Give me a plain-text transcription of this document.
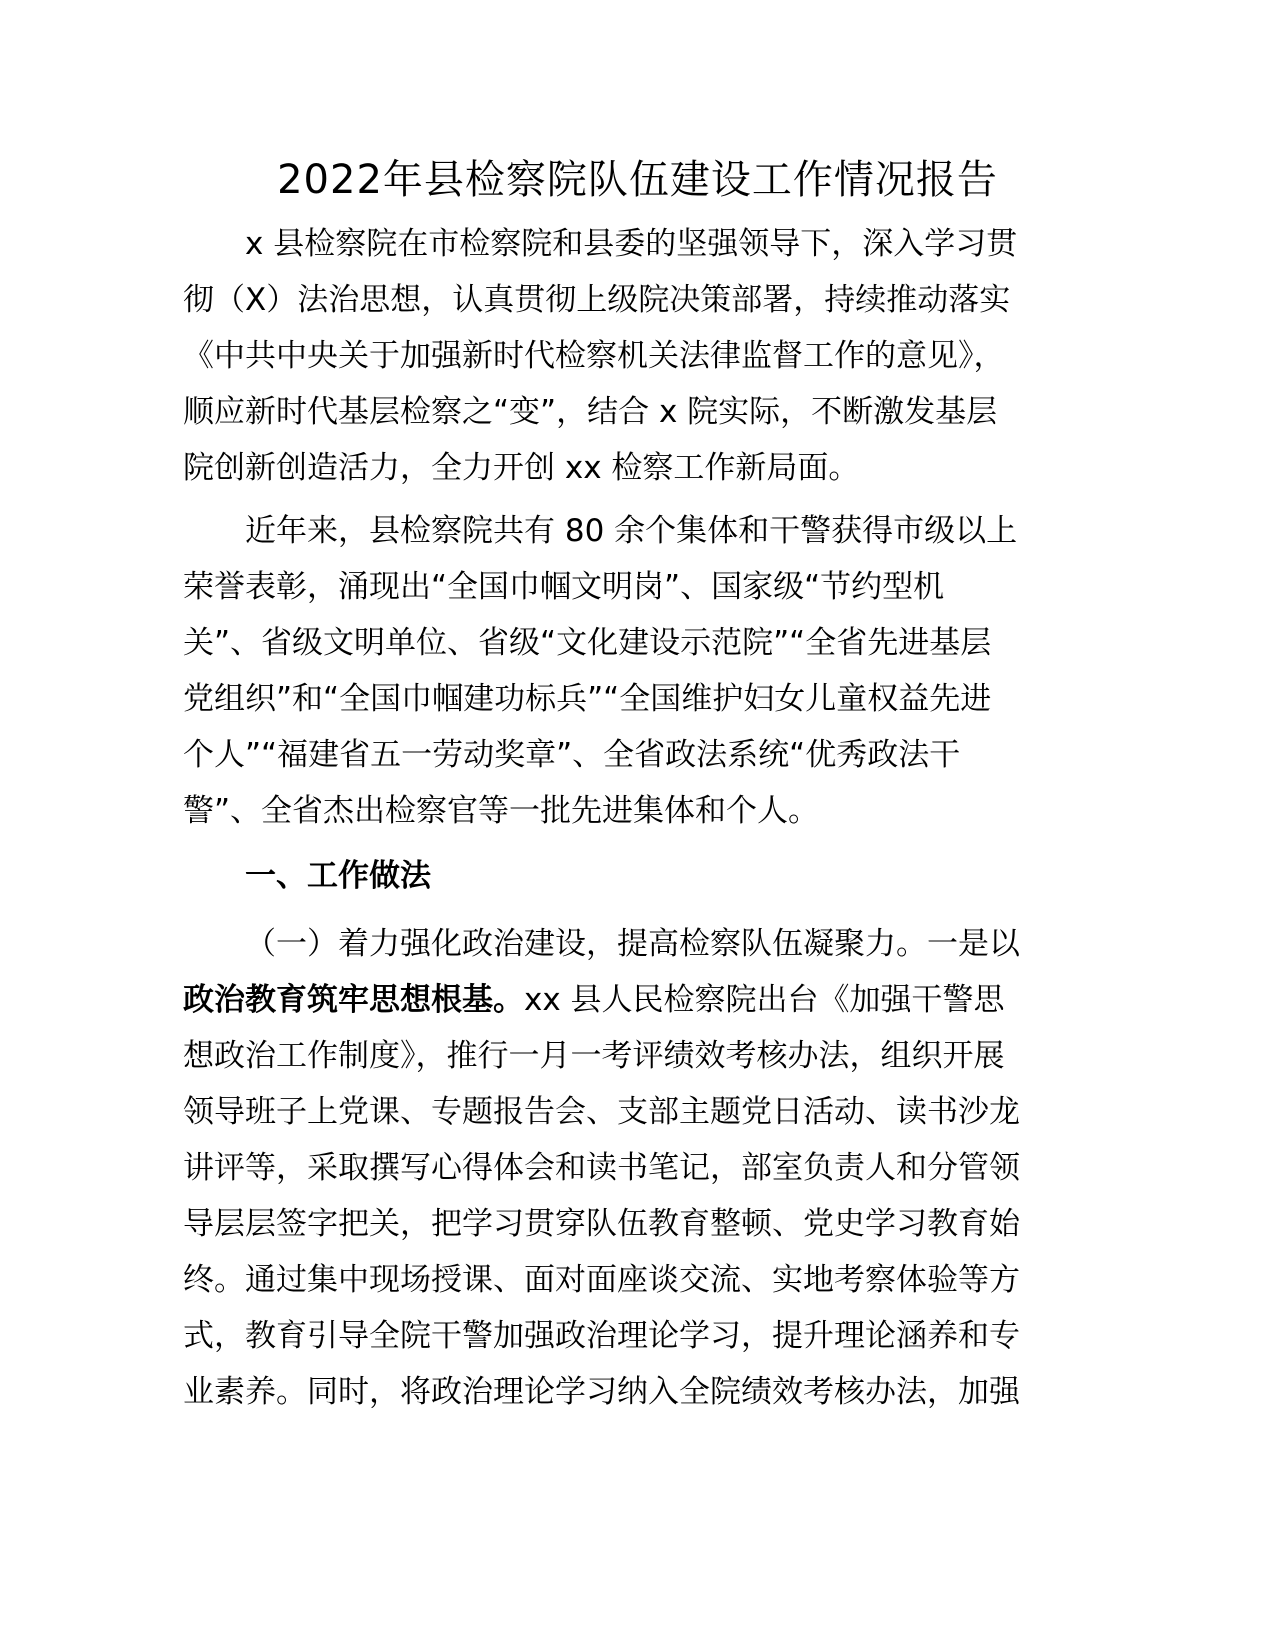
2022年县检察院队伍建设工作情况报告
x 县检察院在市检察院和县委的坚强领导下，深入学习贯
彻（X）法治思想，认真贯彻上级院决策部署，持续推动落实
《中共中央关于加强新时代检察机关法律监督工作的意见》，
顺应新时代基层检察之“变”，结合 x 院实际，不断激发基层
院创新创造活力，全力开创 xx 检察工作新局面。
近年来，县检察院共有 80 余个集体和干警获得市级以上
荣誉表彰，涌现出“全国巾帼文明岗”、国家级“节约型机
关”、省级文明单位、省级“文化建设示范院”“全省先进基层
党组织”和“全国巾帼建功标兵”“全国维护妇女儿童权益先进
个人”“福建省五一劳动奖章”、全省政法系统“优秀政法干
警”、全省杰出检察官等一批先进集体和个人。
一、工作做法
（一）着力强化政治建设，提高检察队伍凝聚力。一是以
政治教育筑牢思想根基。xx 县人民检察院出台《加强干警思
想政治工作制度》，推行一月一考评绩效考核办法，组织开展
领导班子上党课、专题报告会、支部主题党日活动、读书沙龙
讲评等，采取撰写心得体会和读书笔记，部室负责人和分管领
导层层签字把关，把学习贯穿队伍教育整顿、党史学习教育始
终。通过集中现场授课、面对面座谈交流、实地考察体验等方
式，教育引导全院干警加强政治理论学习，提升理论涵养和专
业素养。同时，将政治理论学习纳入全院绩效考核办法，加强
